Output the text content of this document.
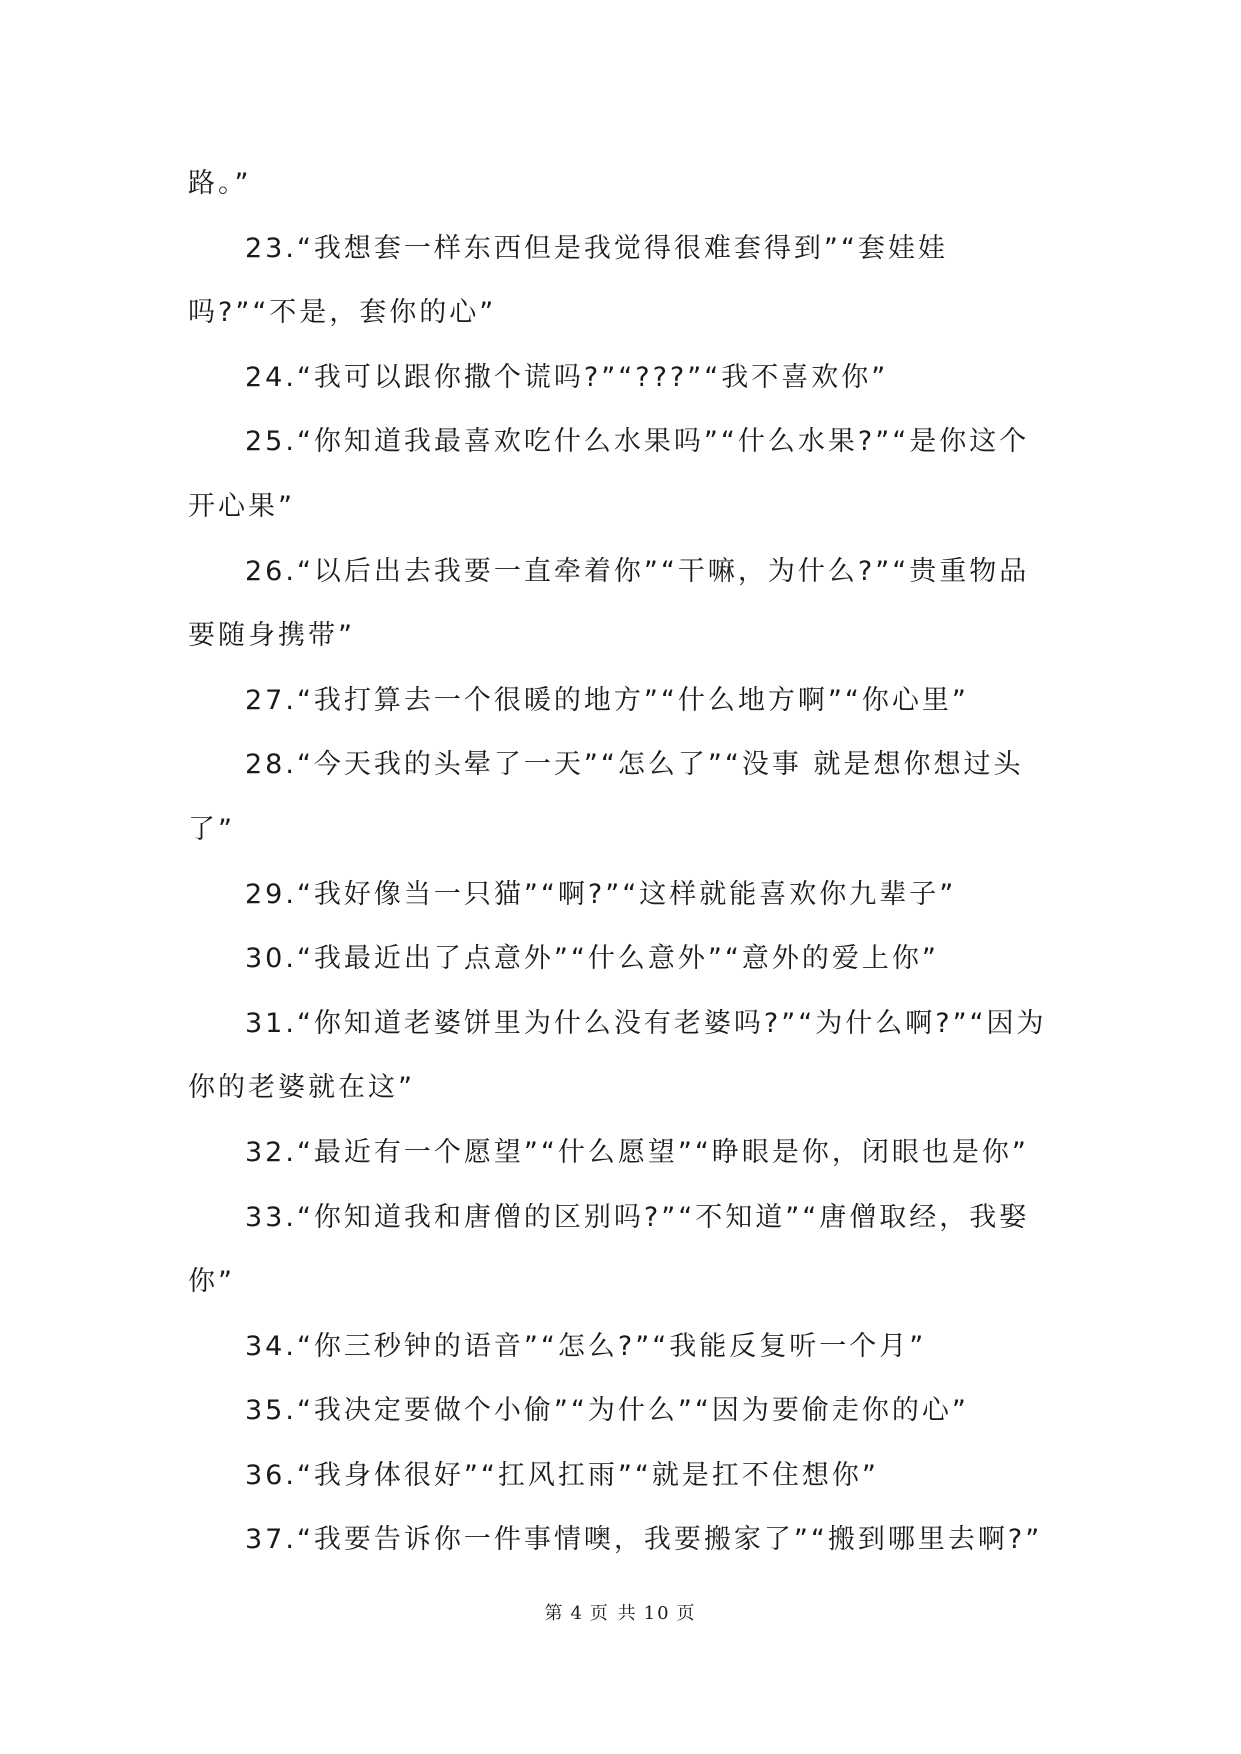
路。”

23.“我想套一样东西但是我觉得很难套得到”“套娃娃吗?”“不是，套你的心”

24.“我可以跟你撒个谎吗?”“???”“我不喜欢你”

25.“你知道我最喜欢吃什么水果吗”“什么水果?”“是你这个开心果”

26.“以后出去我要一直牵着你”“干嘛，为什么?”“贵重物品要随身携带”

27.“我打算去一个很暖的地方”“什么地方啊”“你心里”

28.“今天我的头晕了一天”“怎么了”“没事 就是想你想过头了”

29.“我好像当一只猫”“啊?”“这样就能喜欢你九辈子”

30.“我最近出了点意外”“什么意外”“意外的爱上你”

31.“你知道老婆饼里为什么没有老婆吗?”“为什么啊?”“因为你的老婆就在这”

32.“最近有一个愿望”“什么愿望”“睁眼是你，闭眼也是你”

33.“你知道我和唐僧的区别吗?”“不知道”“唐僧取经，我娶你”

34.“你三秒钟的语音”“怎么?”“我能反复听一个月”

35.“我决定要做个小偷”“为什么”“因为要偷走你的心”

36.“我身体很好”“扛风扛雨”“就是扛不住想你”

37.“我要告诉你一件事情噢，我要搬家了”“搬到哪里去啊?”

第 4 页 共 10 页
